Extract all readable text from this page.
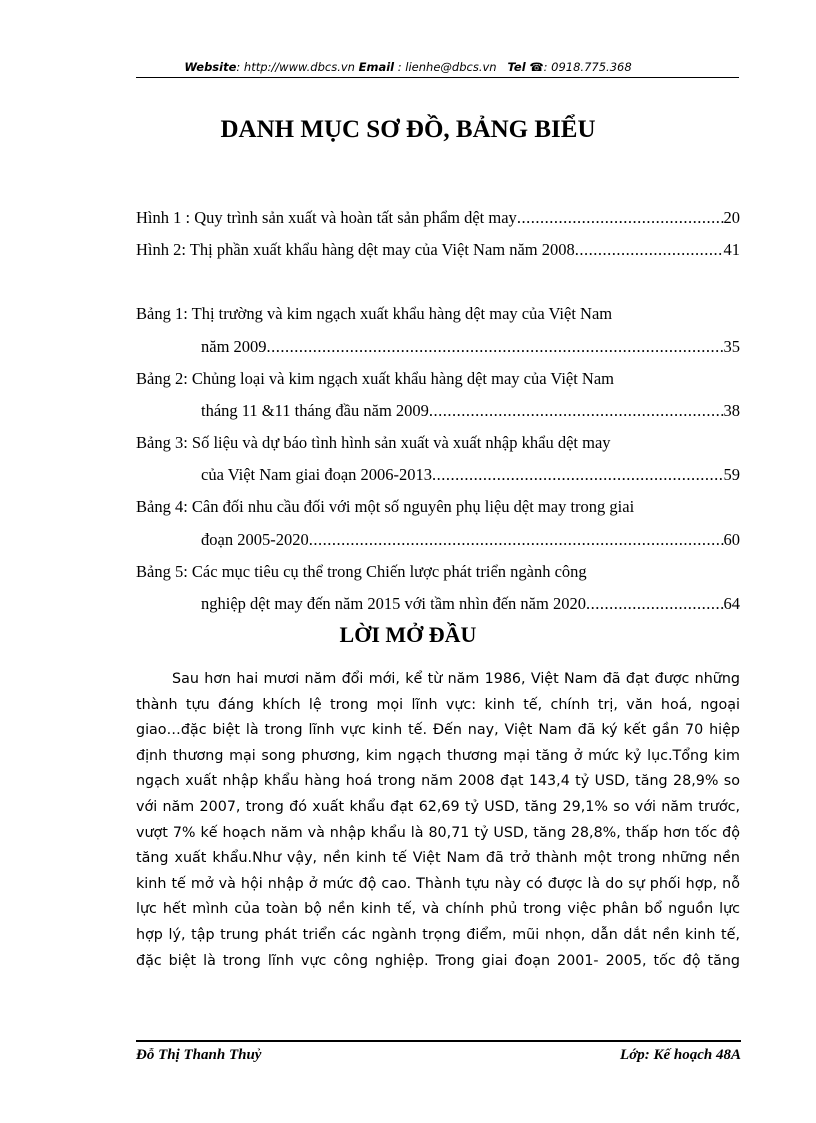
Website: http://www.dbcs.vn Email : lienhe@dbcs.vn Tel ☎: 0918.775.368
DANH MỤC SƠ ĐỒ, BẢNG BIỂU
Hình 1 : Quy trình sản xuất và hoàn tất sản phẩm dệt may .....	20
Hình 2: Thị phần xuất khẩu hàng dệt may của Việt Nam năm 2008 .....	41
Bảng 1: Thị trường và kim ngạch xuất khẩu hàng dệt may của Việt Nam
năm 2009 .....	35
Bảng 2: Chủng loại và kim ngạch xuất khẩu hàng dệt may của Việt Nam
tháng 11 &11 tháng đầu năm 2009 .....	38
Bảng 3: Số liệu và dự báo tình hình sản xuất và xuất nhập khẩu dệt may
của Việt Nam giai đoạn 2006-2013 .....	59
Bảng 4: Cân đối nhu cầu đối với một số nguyên phụ liệu dệt may trong giai
đoạn 2005-2020 .....	60
Bảng 5: Các mục tiêu cụ thể trong Chiến lược phát triển ngành công
nghiệp dệt may đến năm 2015 với tầm nhìn đến năm 2020 .....	64
LỜI MỞ ĐẦU
Sau hơn hai mươi năm đổi mới, kể từ năm 1986, Việt Nam đã đạt được những
thành tựu đáng khích lệ trong mọi lĩnh vực: kinh tế, chính trị, văn hoá, ngoại
giao…đặc biệt là trong lĩnh vực kinh tế. Đến nay, Việt Nam đã ký kết gần 70 hiệp
định thương mại song phương, kim ngạch thương mại tăng ở mức kỷ lục.Tổng kim
ngạch xuất nhập khẩu hàng hoá trong năm 2008 đạt 143,4 tỷ USD, tăng 28,9% so
với năm 2007, trong đó xuất khẩu đạt 62,69 tỷ USD, tăng 29,1% so với năm trước,
vượt 7% kế hoạch năm và nhập khẩu là 80,71 tỷ USD, tăng 28,8%, thấp hơn tốc độ
tăng xuất khẩu.Như vậy, nền kinh tế Việt Nam đã trở thành một trong những nền
kinh tế mở và hội nhập ở mức độ cao. Thành tựu này có được là do sự phối hợp, nỗ
lực hết mình của toàn bộ nền kinh tế, và chính phủ trong việc phân bổ nguồn lực
hợp lý, tập trung phát triển các ngành trọng điểm, mũi nhọn, dẫn dắt nền kinh tế,
đặc biệt là trong lĩnh vực công nghiệp. Trong giai đoạn 2001- 2005, tốc độ tăng
Đỗ Thị Thanh Thuỷ	Lớp: Kế hoạch 48A
